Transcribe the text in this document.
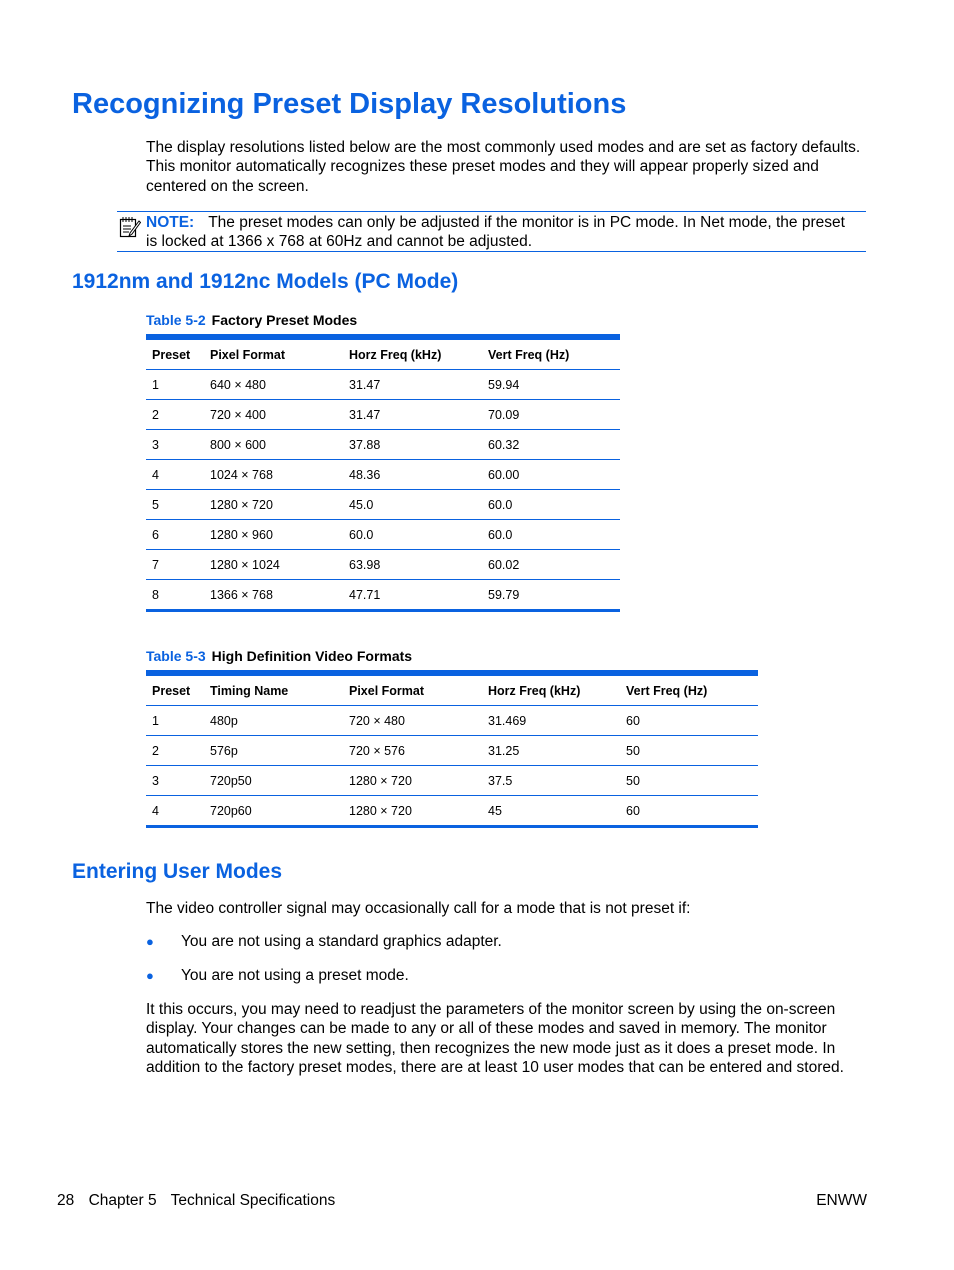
Recognizing Preset Display Resolutions

The display resolutions listed below are the most commonly used modes and are set as factory defaults. This monitor automatically recognizes these preset modes and they will appear properly sized and centered on the screen.

NOTE: The preset modes can only be adjusted if the monitor is in PC mode. In Net mode, the preset is locked at 1366 x 768 at 60Hz and cannot be adjusted.
1912nm and 1912nc Models (PC Mode)
Table 5-2 Factory Preset Modes
Preset	Pixel Format	Horz Freq (kHz)	Vert Freq (Hz)
1	640 × 480	31.47	59.94
2	720 × 400	31.47	70.09
3	800 × 600	37.88	60.32
4	1024 × 768	48.36	60.00
5	1280 × 720	45.0	60.0
6	1280 × 960	60.0	60.0
7	1280 × 1024	63.98	60.02
8	1366 × 768	47.71	59.79
Table 5-3 High Definition Video Formats
Preset	Timing Name	Pixel Format	Horz Freq (kHz)	Vert Freq (Hz)
1	480p	720 × 480	31.469	60
2	576p	720 × 576	31.25	50
3	720p50	1280 × 720	37.5	50
4	720p60	1280 × 720	45	60
Entering User Modes

The video controller signal may occasionally call for a mode that is not preset if:

● You are not using a standard graphics adapter.
● You are not using a preset mode.

It this occurs, you may need to readjust the parameters of the monitor screen by using the on-screen display. Your changes can be made to any or all of these modes and saved in memory. The monitor automatically stores the new setting, then recognizes the new mode just as it does a preset mode. In addition to the factory preset modes, there are at least 10 user modes that can be entered and stored.

28 Chapter 5 Technical Specifications	ENWW
